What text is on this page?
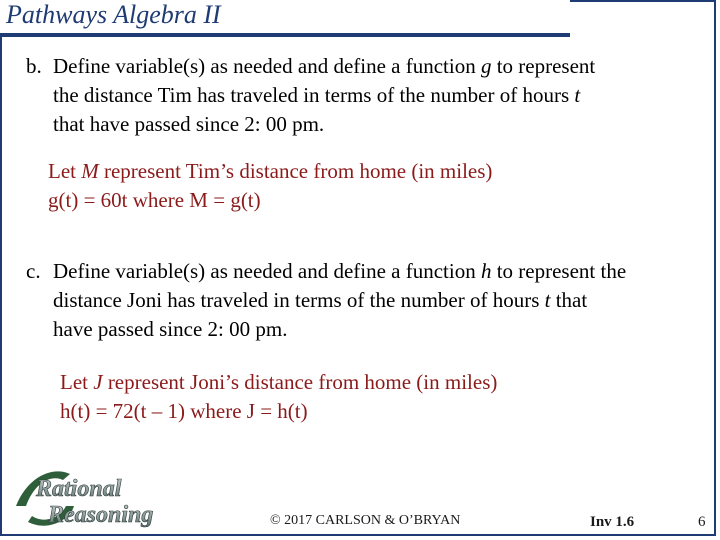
Pathways Algebra II
b. Define variable(s) as needed and define a function g to represent
the distance Tim has traveled in terms of the number of hours t
that have passed since 2: 00 pm.
Let M represent Tim’s distance from home (in miles)
g(t) = 60t where M = g(t)
c. Define variable(s) as needed and define a function h to represent the
distance Joni has traveled in terms of the number of hours t that
have passed since 2: 00 pm.
Let J represent Joni’s distance from home (in miles)
h(t) = 72(t – 1) where J = h(t)
Rational
Reasoning	© 2017 CARLSON & O’BRYAN	Inv 1.6	6
